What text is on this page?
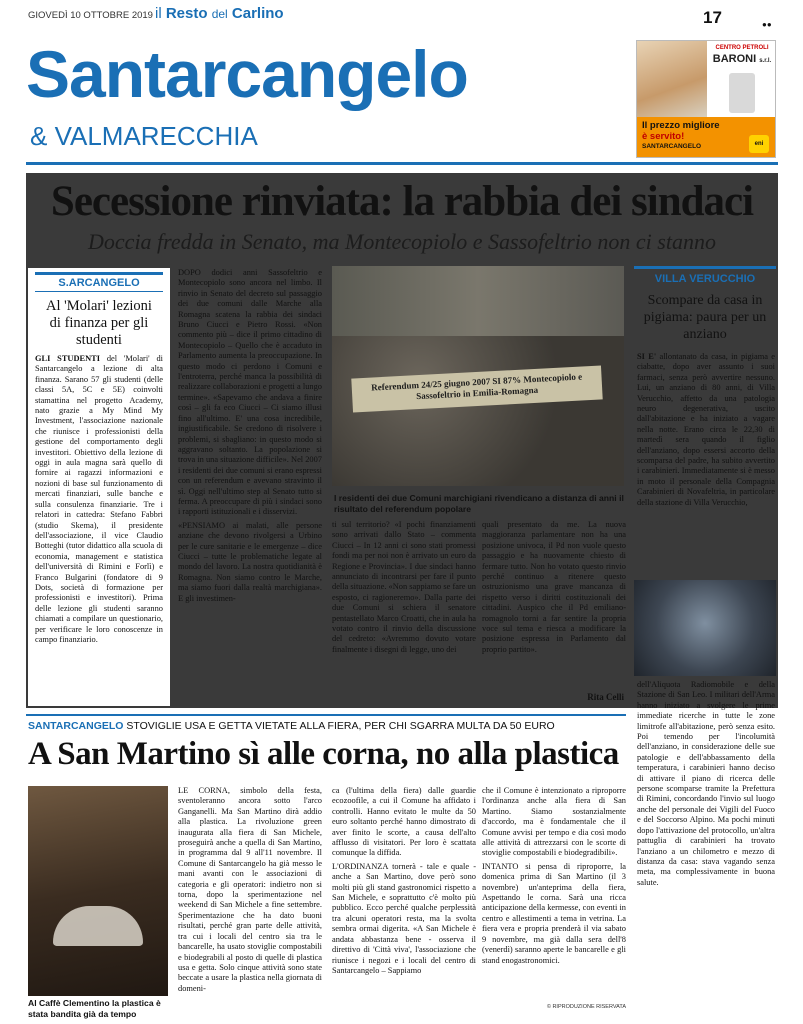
GIOVEDÌ 10 OTTOBRE 2019 il Resto del Carlino	17	●●
Santarcangelo
& VALMARECCHIA
CENTRO PETROLI
BARONI s.r.l.
Il prezzo migliore
è servito!
SANTARCANGELO	eni
Secessione rinviata: la rabbia dei sindaci
Doccia fredda in Senato, ma Montecopiolo e Sassofeltrio non ci stanno
S.ARCANGELO
Al 'Molari' lezioni di finanza per gli studenti
GLI STUDENTI del 'Molari' di Santarcangelo a lezione di alta finanza. Sarano 57 gli studenti (delle classi 5A, 5C e 5E) coinvolti stamattina nel progetto Academy, nato grazie a My Mind My Investment, l'associazione nazionale che riunisce i professionisti della gestione del comportamento degli investitori. Obiettivo della lezione di oggi in aula magna sarà quello di fornire ai ragazzi informazioni e nozioni di base sul funzionamento di mercati finanziari, sulle banche e sulla consulenza finanziarie. Tre i relatori in cattedra: Stefano Fabbri (studio Skema), il presidente dell'associazione, il vice Claudio Botteghi (tutor didattico alla scuola di economia, management e statistica dell'università di Rimini e Forlì) e Franco Bulgarini (fondatore di 9 Dots, società di formazione per professionisti e investitori). Prima delle lezione gli studenti saranno chiamati a compilare un questionario, per verificare le loro conoscenze in campo finanziario.

DOPO dodici anni Sassofeltrio e Montecopiolo sono ancora nel limbo. Il rinvio in Senato del decreto sul passaggio dei due comuni dalle Marche alla Romagna scatena la rabbia dei sindaci Bruno Ciucci e Pietro Rossi. «Non commento più – dice il primo cittadino di Montecopiolo – Quello che è accaduto in Parlamento aumenta la preoccupazione. In questo modo ci perdono i Comuni e l'entroterra, perché manca la possibilità di realizzare collaborazioni e progetti a lungo termine». «Sapevamo che andava a finire così – gli fa eco Ciucci – Ci siamo illusi fino all'ultimo. E' una cosa incredibile, ingiustificabile. Se credono di risolvere i problemi, si sbagliano: in questo modo si aggravano soltanto. La popolazione si trova in una situazione difficile». Nel 2007 i residenti dei due comuni si erano espressi con un referendum e avevano stravinto il sì. Oggi nell'ultimo step al Senato tutto si ferma. A preoccupare di più i sindaci sono i rapporti istituzionali e i disservizi.

«PENSIAMO ai malati, alle persone anziane che devono rivolgersi a Urbino per le cure sanitarie e le emergenze – dice Ciucci – tutte le problematiche legate al mondo del lavoro. La nostra quotidianità è Romagna. Non siamo contro le Marche, ma siamo fuori dalla realtà marchigiana». E gli investimen-

Referendum 24/25 giugno 2007 SI 87% Montecopiolo e Sassofeltrio in Emilia-Romagna
I residenti dei due Comuni marchigiani rivendicano a distanza di anni il risultato del referendum popolare

ti sul territorio? «I pochi finanziamenti sono arrivati dallo Stato – commenta Ciucci – In 12 anni ci sono stati promessi fondi ma per noi non è arrivato un euro da Regione e Provincia». I due sindaci hanno annunciato di incontrarsi per fare il punto della situazione. «Non sappiamo se fare un esposto, ci ragioneremo». Dalla parte dei due Comuni si schiera il senatore pentastellato Marco Croatti, che in aula ha votato contro il rinvio della discussione del cedreto: «Avremmo dovuto votare finalmente i disegni di legge, uno dei

quali presentato da me. La nuova maggioranza parlamentare non ha una posizione univoca, il Pd non vuole questo passaggio e ha nuovamente chiesto di fermare tutto. Non ho votato questo rinvio perché continuo a ritenere questo ostruzionismo una grave mancanza di rispetto verso i diritti costituzionali dei cittadini. Auspico che il Pd emiliano-romagnolo torni a far sentire la propria voce sul tema e riesca a modificare la posizione espressa in Parlamento dal proprio partito».

Rita Celli
VILLA VERUCCHIO
Scompare da casa in pigiama: paura per un anziano
SI E' allontanato da casa, in pigiama e ciabatte, dopo aver assunto i suoi farmaci, senza però avvertire nessuno. Lui, un anziano di 80 anni, di Villa Verucchio, affetto da una patologia neuro degenerativa, uscito dall'abitazione e ha iniziato a vagare nella notte. Erano circa le 22,30 di martedì sera quando il figlio dell'anziano, dopo essersi accorto della scomparsa del padre, ha subito avvertito i carabinieri. Immediatamente si è messo in moto il personale della Compagnia Carabinieri di Novafeltria, in particolare della stazione di Villa Verucchio,

dell'Aliquota Radiomobile e della Stazione di San Leo. I militari dell'Arma hanno iniziato a svolgere le prime immediate ricerche in tutte le zone limitrofe all'abitazione, però senza esito. Poi temendo per l'incolumità dell'anziano, in considerazione delle sue patologie e dell'abbassamento della temperatura, i carabinieri hanno deciso di attivare il piano di ricerca delle persone scomparse tramite la Prefettura di Rimini, concordando l'invio sul luogo anche del personale dei Vigili del Fuoco e del Soccorso Alpino. Ma pochi minuti dopo l'attivazione del protocollo, un'altra pattuglia di carabinieri ha trovato l'anziano a un chilometro e mezzo di distanza da casa: stava vagando senza meta, ma complessivamente in buona salute.

SANTARCANGELO STOVIGLIE USA E GETTA VIETATE ALLA FIERA, PER CHI SGARRA MULTA DA 50 EURO
A San Martino sì alle corna, no alla plastica
Al Caffè Clementino la plastica è stata bandita già da tempo

LE CORNA, simbolo della festa, sventoleranno ancora sotto l'arco Ganganelli. Ma San Martino dirà addio alla plastica. La rivoluzione green inaugurata alla fiera di San Michele, proseguirà anche a quella di San Martino, in programma dal 9 all'11 novembre. Il Comune di Santarcangelo ha già messo le mani avanti con le associazioni di categoria e gli operatori: indietro non si torna, dopo la sperimentazione nel weekend di San Michele a fine settembre. Sperimentazione che ha dato buoni risultati, perché gran parte delle attività, tra cui i locali del centro sia tra le bancarelle, ha usato stoviglie compostabili e biodegrabili al posto di quelle di plastica usa e getta. Solo cinque attività sono state beccate a usare la plastica nella giornata di domeni-

ca (l'ultima della fiera) dalle guardie ecozoofile, a cui il Comune ha affidato i controlli. Hanno evitato le multe da 50 euro soltanto perché hanno dimostrato di aver finito le scorte, a causa dell'alto afflusso di visitatori. Per loro è scattata comunque la diffida.

L'ORDINANZA tornerà - tale e quale - anche a San Martino, dove però sono molti più gli stand gastronomici rispetto a San Michele, e soprattutto c'è molto più pubblico. Ecco perché qualche perplessità tra alcuni operatori resta, ma la svolta sembra ormai digerita. «A San Michele è andata abbastanza bene - osserva il direttivo di 'Città viva', l'associazione che riunisce i negozi e i locali del centro di Santarcangelo – Sappiamo

che il Comune è intenzionato a riproporre l'ordinanza anche alla fiera di San Martino. Siamo sostanzialmente d'accordo, ma è fondamentale che il Comune avvisi per tempo e dia così modo alle attività di attrezzarsi con le scorte di stoviglie compostabili e biodegradibili».

INTANTO si pensa di riproporre, la domenica prima di San Martino (il 3 novembre) un'anteprima della fiera, Aspettando le corna. Sarà una ricca anticipazione della kermesse, con eventi in centro e allestimenti a tema in vetrina. La fiera vera e propria prenderà il via sabato 9 novembre, ma già dalla sera dell'8 (venerdì) saranno aperte le bancarelle e gli stand enogastronomici.

© RIPRODUZIONE RISERVATA
